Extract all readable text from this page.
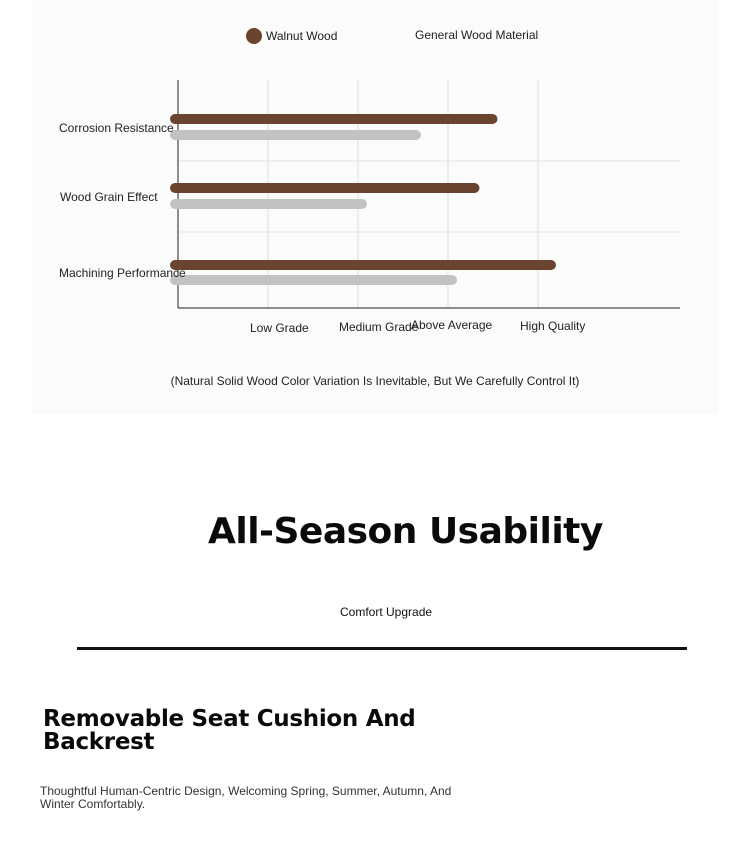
Walnut Wood	General Wood Material
Corrosion Resistance
Wood Grain Effect
Machining Performance
Low Grade	Medium Grade
Above Average High Quality
(Natural Solid Wood Color Variation Is Inevitable, But We Carefully Control It)
All-Season Usability
Comfort Upgrade
Removable Seat Cushion And Backrest

Thoughtful Human-Centric Design, Welcoming Spring, Summer, Autumn, And Winter Comfortably.
